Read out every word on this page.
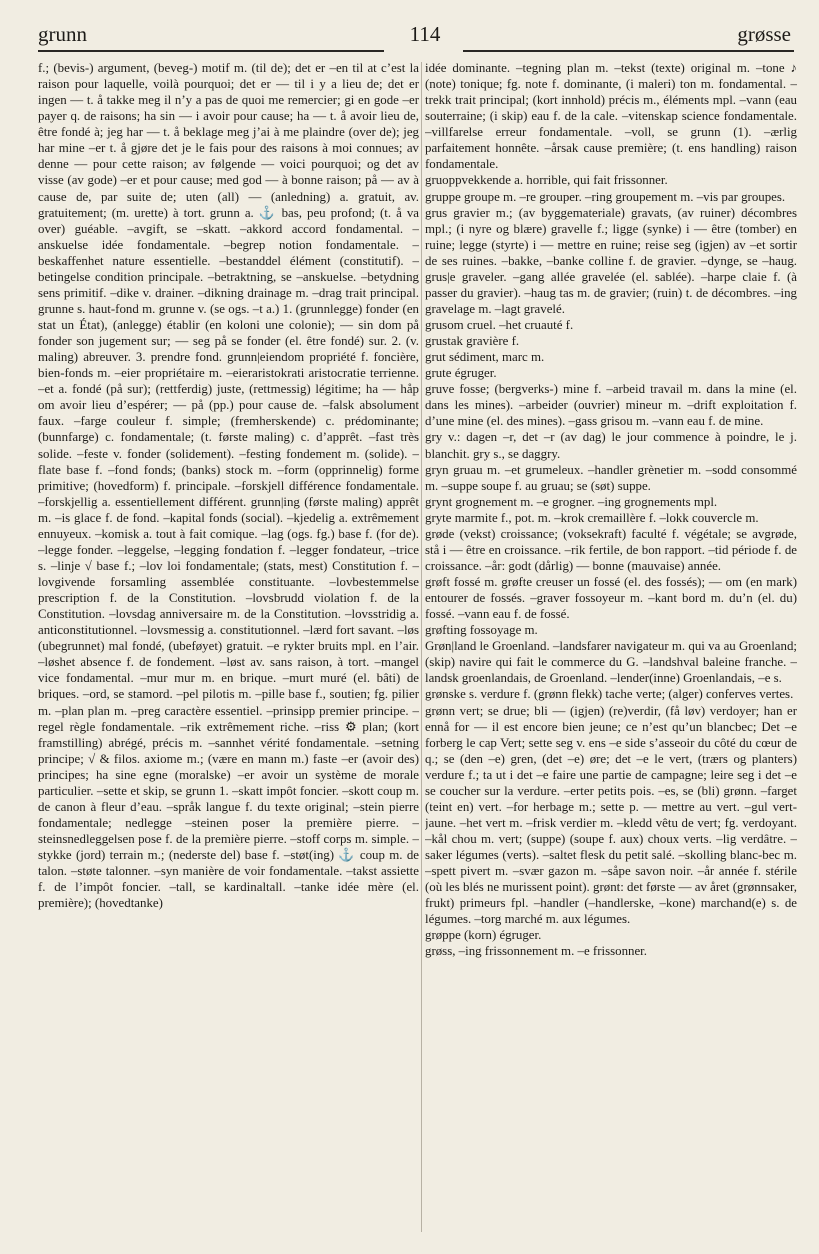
grunn	114	grøsse

f.; (bevis-) argument, (beveg-) motif m. (til de); det er –en til at c’est la raison pour laquelle, voilà pourquoi; det er — til i y a lieu de; det er ingen — t. å takke meg il n’y a pas de quoi me remercier; gi en gode –er payer q. de raisons; ha sin — i avoir pour cause; ha — t. å avoir lieu de, être fondé à; jeg har — t. å beklage meg j’ai à me plaindre (over de); jeg har mine –er t. å gjøre det je le fais pour des raisons à moi connues; av denne — pour cette raison; av følgende — voici pourquoi; og det av visse (av gode) –er et pour cause; med god — à bonne raison; på — av à cause de, par suite de; uten (all) — (anledning) a. gratuit, av. gratuitement; (m. urette) à tort. grunn a. ⚓ bas, peu profond; (t. å va over) guéable. –avgift, se –skatt. –akkord accord fondamental. –anskuelse idée fondamentale. –begrep notion fondamentale. –beskaffenhet nature essentielle. –bestanddel élément (constitutif). –betingelse condition principale. –betraktning, se –anskuelse. –betydning sens primitif. –dike v. drainer. –dikning drainage m. –drag trait principal. grunne s. haut-fond m. grunne v. (se ogs. –t a.) 1. (grunnlegge) fonder (en stat un État), (anlegge) établir (en koloni une colonie); — sin dom på fonder son jugement sur; — seg på se fonder (el. être fondé) sur. 2. (v. maling) abreuver. 3. prendre fond. grunn|eiendom propriété f. foncière, bien-fonds m. –eier propriétaire m. –eieraristokrati aristocratie terrienne. –et a. fondé (på sur); (rettferdig) juste, (rettmessig) légitime; ha — håp om avoir lieu d’espérer; — på (pp.) pour cause de. –falsk absolument faux. –farge couleur f. simple; (fremherskende) c. prédominante; (bunnfarge) c. fondamentale; (t. første maling) c. d’apprêt. –fast très solide. –feste v. fonder (solidement). –festing fondement m. (solide). –flate base f. –fond fonds; (banks) stock m. –form (opprinnelig) forme primitive; (hovedform) f. principale. –forskjell différence fondamentale. –forskjellig a. essentiellement différent. grunn|ing (første maling) apprêt m. –is glace f. de fond. –kapital fonds (social). –kjedelig a. extrêmement ennuyeux. –komisk a. tout à fait comique. –lag (ogs. fg.) base f. (for de). –legge fonder. –leggelse, –legging fondation f. –legger fondateur, –trice s. –linje √ base f.; –lov loi fondamentale; (stats, mest) Constitution f. –lovgivende forsamling assemblée constituante. –lovbestemmelse prescription f. de la Constitution. –lovsbrudd violation f. de la Constitution. –lovsdag anniversaire m. de la Constitution. –lovsstridig a. anticonstitutionnel. –lovsmessig a. constitutionnel. –lærd fort savant. –løs (ubegrunnet) mal fondé, (ubeføyet) gratuit. –e rykter bruits mpl. en l’air. –løshet absence f. de fondement. –løst av. sans raison, à tort. –mangel vice fondamental. –mur mur m. en brique. –murt muré (el. bâti) de briques. –ord, se stamord. –pel pilotis m. –pille base f., soutien; fg. pilier m. –plan plan m. –preg caractère essentiel. –prinsipp premier principe. –regel règle fondamentale. –rik extrêmement riche. –riss ⚙ plan; (kort framstilling) abrégé, précis m. –sannhet vérité fondamentale. –setning principe; √ & filos. axiome m.; (være en mann m.) faste –er (avoir des) principes; ha sine egne (moralske) –er avoir un système de morale particulier. –sette et skip, se grunn 1. –skatt impôt foncier. –skott coup m. de canon à fleur d’eau. –språk langue f. du texte original; –stein pierre fondamentale; nedlegge –steinen poser la première pierre. –steinsnedleggelsen pose f. de la première pierre. –stoff corps m. simple. –stykke (jord) terrain m.; (nederste del) base f. –støt(ing) ⚓ coup m. de talon. –støte talonner. –syn manière de voir fondamentale. –takst assiette f. de l’impôt foncier. –tall, se kardinaltall. –tanke idée mère (el. première); (hovedtanke)

idée dominante. –tegning plan m. –tekst (texte) original m. –tone ♪ (note) tonique; fg. note f. dominante, (i maleri) ton m. fondamental. –trekk trait principal; (kort innhold) précis m., éléments mpl. –vann (eau souterraine; (i skip) eau f. de la cale. –vitenskap science fondamentale. –villfarelse erreur fondamentale. –voll, se grunn (1). –ærlig parfaitement honnête. –årsak cause première; (t. ens handling) raison fondamentale.

gruoppvekkende a. horrible, qui fait frissonner.

gruppe groupe m. –re grouper. –ring groupement m. –vis par groupes.

grus gravier m.; (av byggemateriale) gravats, (av ruiner) décombres mpl.; (i nyre og blære) gravelle f.; ligge (synke) i — être (tomber) en ruine; legge (styrte) i — mettre en ruine; reise seg (igjen) av –et sortir de ses ruines. –bakke, –banke colline f. de gravier. –dynge, se –haug. grus|e graveler. –gang allée gravelée (el. sablée). –harpe claie f. (à passer du gravier). –haug tas m. de gravier; (ruin) t. de décombres. –ing gravelage m. –lagt gravelé.

grusom cruel. –het cruauté f.

grustak gravière f.

grut sédiment, marc m.

grute égruger.

gruve fosse; (bergverks-) mine f. –arbeid travail m. dans la mine (el. dans les mines). –arbeider (ouvrier) mineur m. –drift exploitation f. d’une mine (el. des mines). –gass grisou m. –vann eau f. de mine.

gry v.: dagen –r, det –r (av dag) le jour commence à poindre, le j. blanchit. gry s., se daggry.

gryn gruau m. –et grumeleux. –handler grènetier m. –sodd consommé m. –suppe soupe f. au gruau; se (søt) suppe.

grynt grognement m. –e grogner. –ing grognements mpl.

gryte marmite f., pot. m. –krok cremaillère f. –lokk couvercle m.

grøde (vekst) croissance; (voksekraft) faculté f. végétale; se avgrøde, stå i — être en croissance. –rik fertile, de bon rapport. –tid période f. de croissance. –år: godt (dårlig) — bonne (mauvaise) année.

grøft fossé m. grøfte creuser un fossé (el. des fossés); — om (en mark) entourer de fossés. –graver fossoyeur m. –kant bord m. du’n (el. du) fossé. –vann eau f. de fossé.

grøfting fossoyage m.

Grøn|land le Groenland. –landsfarer navigateur m. qui va au Groenland; (skip) navire qui fait le commerce du G. –landshval baleine franche. –landsk groenlandais, de Groenland. –lender(inne) Groenlandais, –e s.

grønske s. verdure f. (grønn flekk) tache verte; (alger) conferves vertes.

grønn vert; se drue; bli — (igjen) (re)verdir, (få løv) verdoyer; han er ennå for — il est encore bien jeune; ce n’est qu’un blancbec; Det –e forberg le cap Vert; sette seg v. ens –e side s’asseoir du côté du cœur de q.; se (den –e) gren, (det –e) øre; det –e le vert, (trærs og planters) verdure f.; ta ut i det –e faire une partie de campagne; leire seg i det –e se coucher sur la verdure. –erter petits pois. –es, se (bli) grønn. –farget (teint en) vert. –for herbage m.; sette p. — mettre au vert. –gul vert-jaune. –het vert m. –frisk verdier m. –kledd vêtu de vert; fg. verdoyant. –kål chou m. vert; (suppe) (soupe f. aux) choux verts. –lig verdâtre. –saker légumes (verts). –saltet flesk du petit salé. –skolling blanc-bec m. –spett pivert m. –svær gazon m. –såpe savon noir. –år année f. stérile (où les blés ne murissent point). grønt: det første — av året (grønnsaker, frukt) primeurs fpl. –handler (–handlerske, –kone) marchand(e) s. de légumes. –torg marché m. aux légumes.

grøppe (korn) égruger.

grøss, –ing frissonnement m. –e frissonner.
